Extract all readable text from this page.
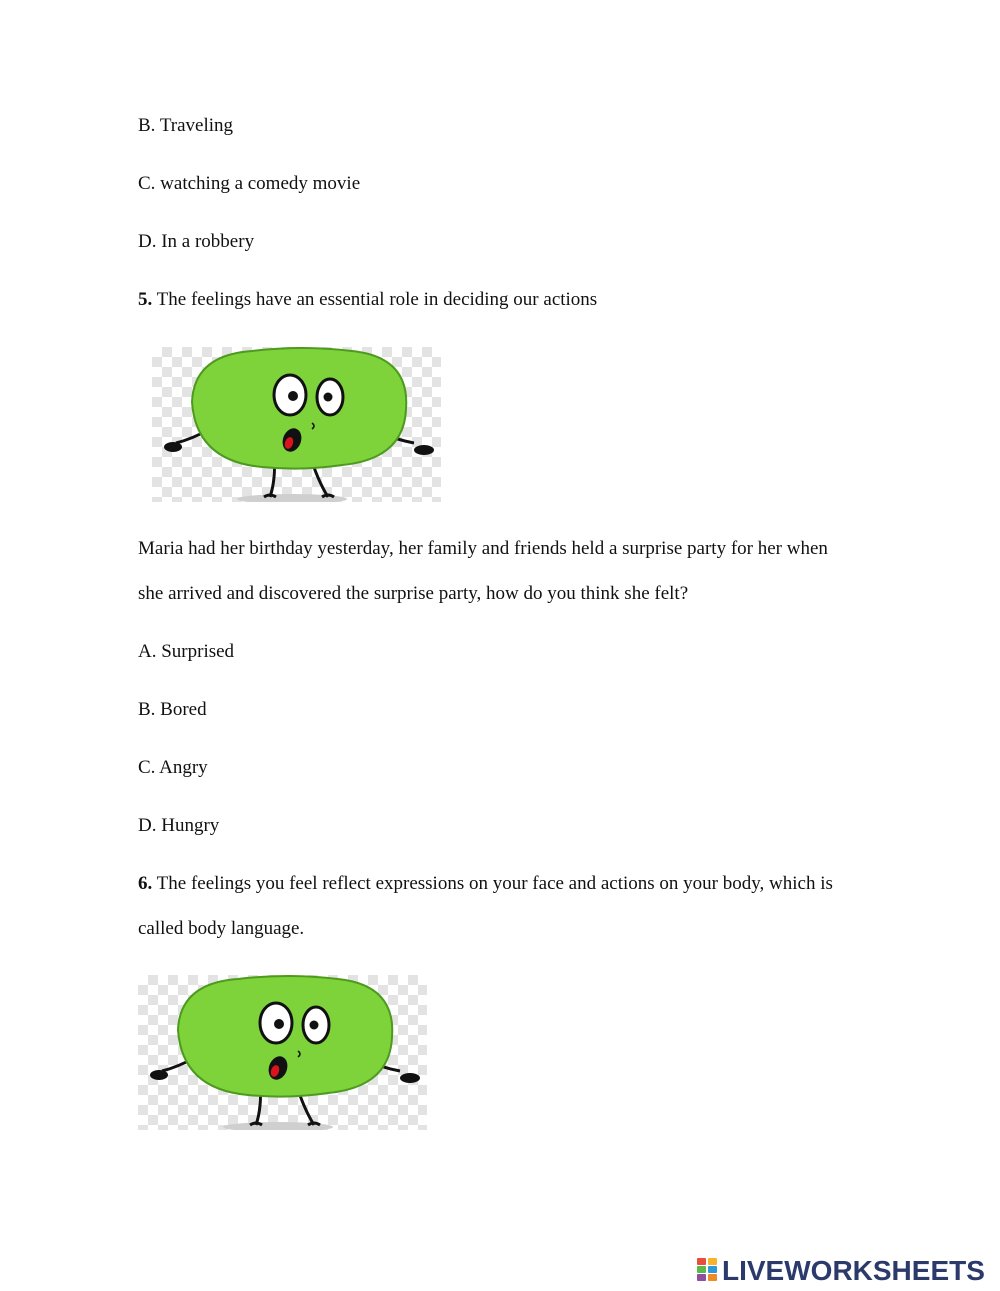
B. Traveling
C. watching a comedy movie
D. In a robbery
5. The feelings have an essential role in deciding our actions
Maria had her birthday yesterday, her family and friends held a surprise party for her when
she arrived and discovered the surprise party, how do you think she felt?
A. Surprised
B. Bored
C. Angry
D. Hungry
6. The feelings you feel reflect expressions on your face and actions on your body, which is
called body language.
LIVEWORKSHEETS
